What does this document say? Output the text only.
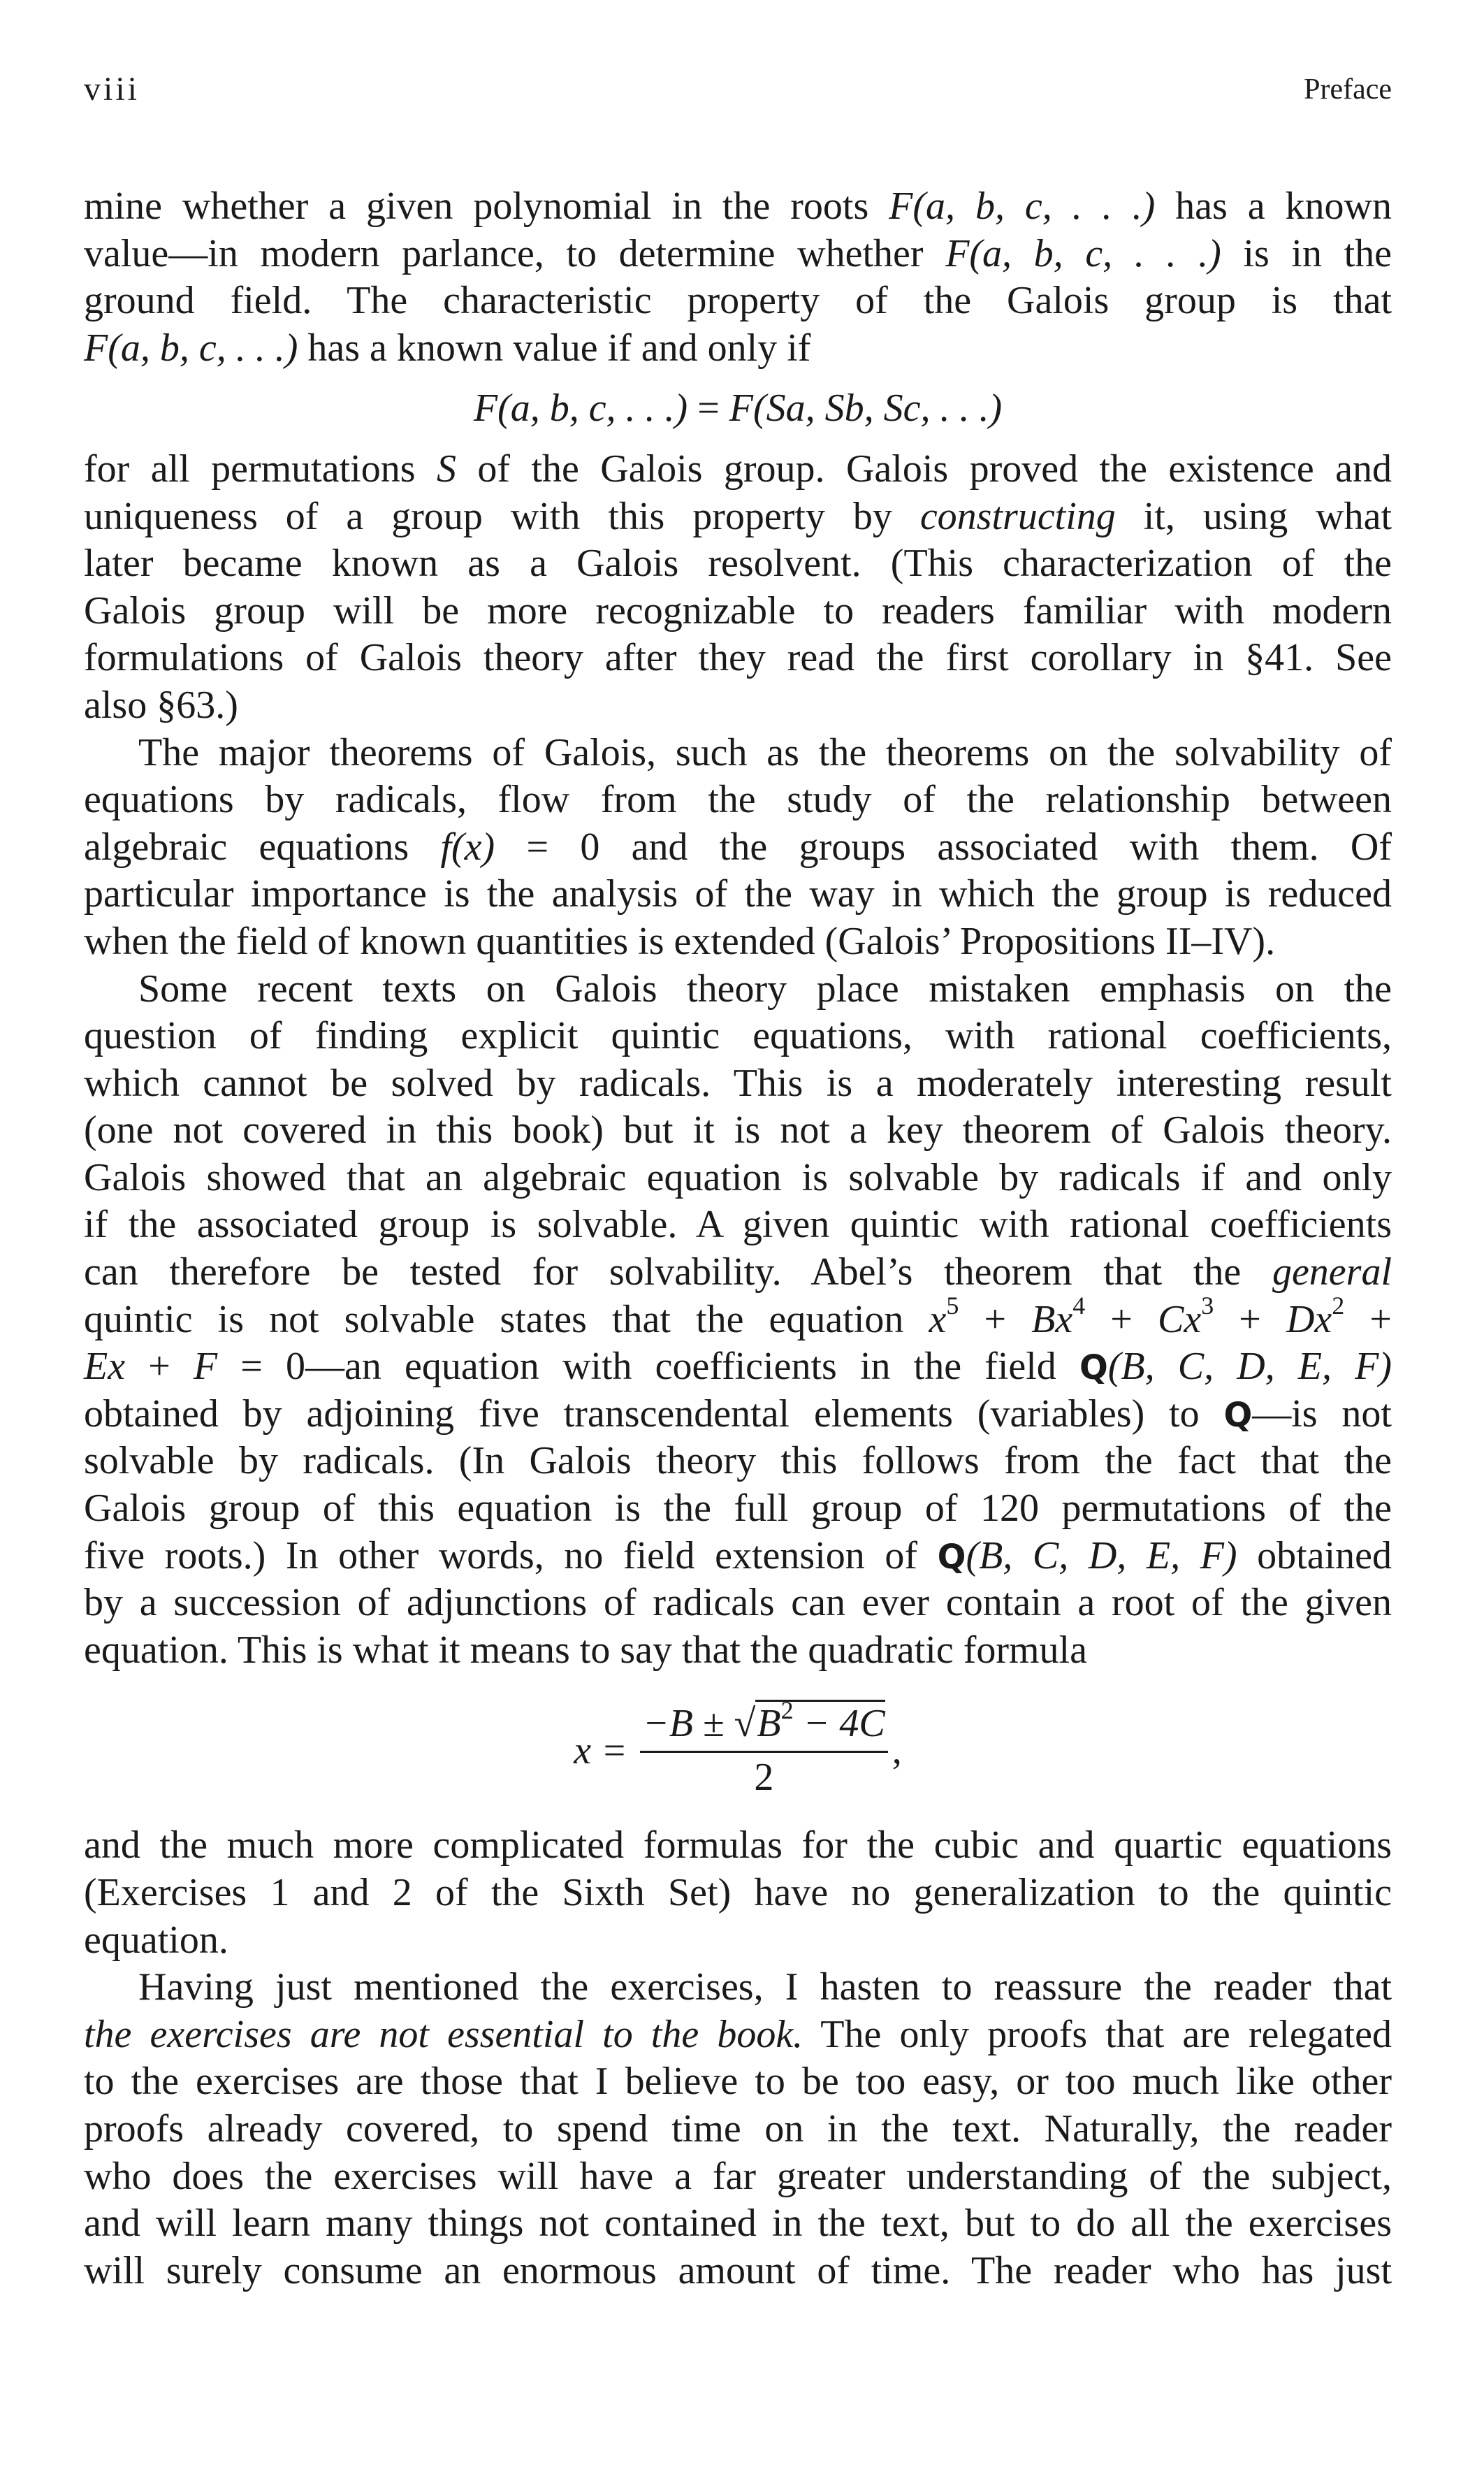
viii	Preface
mine whether a given polynomial in the roots F(a, b, c, . . .) has a known
value—in modern parlance, to determine whether F(a, b, c, . . .) is in the
ground field. The characteristic property of the Galois group is that
F(a, b, c, . . .) has a known value if and only if
F(a, b, c, . . .) = F(Sa, Sb, Sc, . . .)
for all permutations S of the Galois group. Galois proved the existence and
uniqueness of a group with this property by constructing it, using what
later became known as a Galois resolvent. (This characterization of the
Galois group will be more recognizable to readers familiar with modern
formulations of Galois theory after they read the first corollary in §41. See
also §63.)
The major theorems of Galois, such as the theorems on the solvability of
equations by radicals, flow from the study of the relationship between
algebraic equations f(x) = 0 and the groups associated with them. Of
particular importance is the analysis of the way in which the group is reduced
when the field of known quantities is extended (Galois’ Propositions II–IV).
Some recent texts on Galois theory place mistaken emphasis on the
question of finding explicit quintic equations, with rational coefficients,
which cannot be solved by radicals. This is a moderately interesting result
(one not covered in this book) but it is not a key theorem of Galois theory.
Galois showed that an algebraic equation is solvable by radicals if and only
if the associated group is solvable. A given quintic with rational coefficients
can therefore be tested for solvability. Abel’s theorem that the general
quintic is not solvable states that the equation $x^5 + Bx^4 + Cx^3 + Dx^2$ +
Ex + F = 0—an equation with coefficients in the field Q(B, C, D, E, F)
obtained by adjoining five transcendental elements (variables) to Q—is not
solvable by radicals. (In Galois theory this follows from the fact that the
Galois group of this equation is the full group of 120 permutations of the
five roots.) In other words, no field extension of Q(B, C, D, E, F) obtained
by a succession of adjunctions of radicals can ever contain a root of the given
equation. This is what it means to say that the quadratic formula
$x = \frac{-B \pm √B^2 - 4C}{2}$ ,
and the much more complicated formulas for the cubic and quartic equations
(Exercises 1 and 2 of the Sixth Set) have no generalization to the quintic
equation.
Having just mentioned the exercises, I hasten to reassure the reader that
the exercises are not essential to the book. The only proofs that are relegated
to the exercises are those that I believe to be too easy, or too much like other
proofs already covered, to spend time on in the text. Naturally, the reader
who does the exercises will have a far greater understanding of the subject,
and will learn many things not contained in the text, but to do all the exercises
will surely consume an enormous amount of time. The reader who has just
